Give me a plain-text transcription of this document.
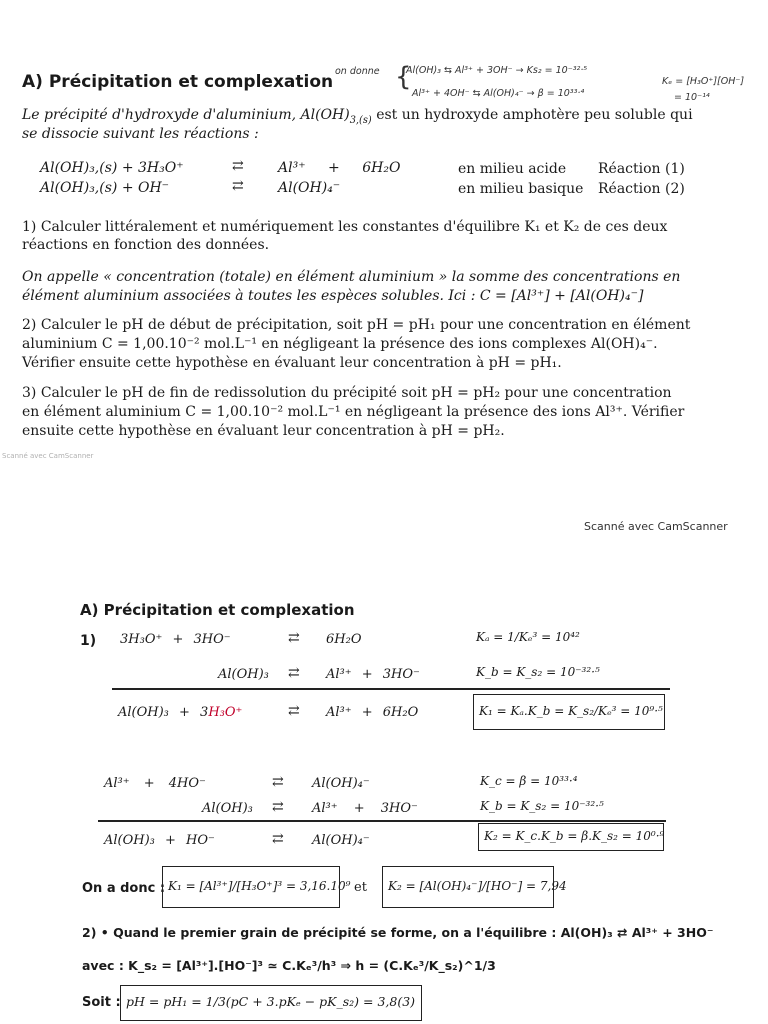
A) Précipitation et complexation
on donne {
Al(OH)₃ ⇆ Al³⁺ + 3OH⁻ → Ks₂ = 10⁻³²·⁵
Al³⁺ + 4OH⁻ ⇆ Al(OH)₄⁻ → β = 10³³·⁴
Kₑ = [H₃O⁺][OH⁻]
= 10⁻¹⁴
Le précipité d'hydroxyde d'aluminium, $Al(OH)_{3,(s)}$ est un hydroxyde amphotère peu soluble qui
se dissocie suivant les réactions :
Al(OH)₃,(s) + 3H₃O⁺	⇄ Al³⁺ + 6H₂O	en milieu acide Réaction (1)
Al(OH)₃,(s) + OH⁻	⇄ Al(OH)₄⁻	en milieu basique Réaction (2)
1) Calculer littéralement et numériquement les constantes d'équilibre K₁ et K₂ de ces deux
réactions en fonction des données.
On appelle « concentration (totale) en élément aluminium » la somme des concentrations en
élément aluminium associées à toutes les espèces solubles. Ici : C = [Al³⁺] + [Al(OH)₄⁻]
2) Calculer le pH de début de précipitation, soit pH = pH₁ pour une concentration en élément
aluminium C = 1,00.10⁻² mol.L⁻¹ en négligeant la présence des ions complexes Al(OH)₄⁻.
Vérifier ensuite cette hypothèse en évaluant leur concentration à pH = pH₁.
3) Calculer le pH de fin de redissolution du précipité soit pH = pH₂ pour une concentration
en élément aluminium C = 1,00.10⁻² mol.L⁻¹ en négligeant la présence des ions Al³⁺. Vérifier
ensuite cette hypothèse en évaluant leur concentration à pH = pH₂.
Scanné avec CamScanner
Scanné avec CamScanner
A) Précipitation et complexation
1) 3H₃O⁺ + 3HO⁻	⇄ 6H₂O	Kₐ = 1/Kₑ³ = 10⁴²
Al(OH)₃ ⇄ Al³⁺ + 3HO⁻	K_b = K_s₂ = 10⁻³²·⁵
Al(OH)₃ + 3H₃O⁺	⇄ Al³⁺ + 6H₂O	K₁ = Kₐ.K_b = K_s₂/Kₑ³ = 10⁹·⁵
Al³⁺ + 4HO⁻	⇄ Al(OH)₄⁻	K_c = β = 10³³·⁴
Al(OH)₃ ⇄ Al³⁺ + 3HO⁻	K_b = K_s₂ = 10⁻³²·⁵
Al(OH)₃ + HO⁻	⇄ Al(OH)₄⁻	K₂ = K_c.K_b = β.K_s₂ = 10⁰·⁹
On a donc : K₁ = [Al³⁺]/[H₃O⁺]³ = 3,16.10⁹ et K₂ = [Al(OH)₄⁻]/[HO⁻] = 7,94
2) • Quand le premier grain de précipité se forme, on a l'équilibre : Al(OH)₃ ⇄ Al³⁺ + 3HO⁻
avec : K_s₂ = [Al³⁺].[HO⁻]³ ≃ C.Kₑ³/h³ ⇒ h = (C.Kₑ³/K_s₂)^1/3
Soit : pH = pH₁ = 1/3(pC + 3.pKₑ − pK_s₂) = 3,8(3)
